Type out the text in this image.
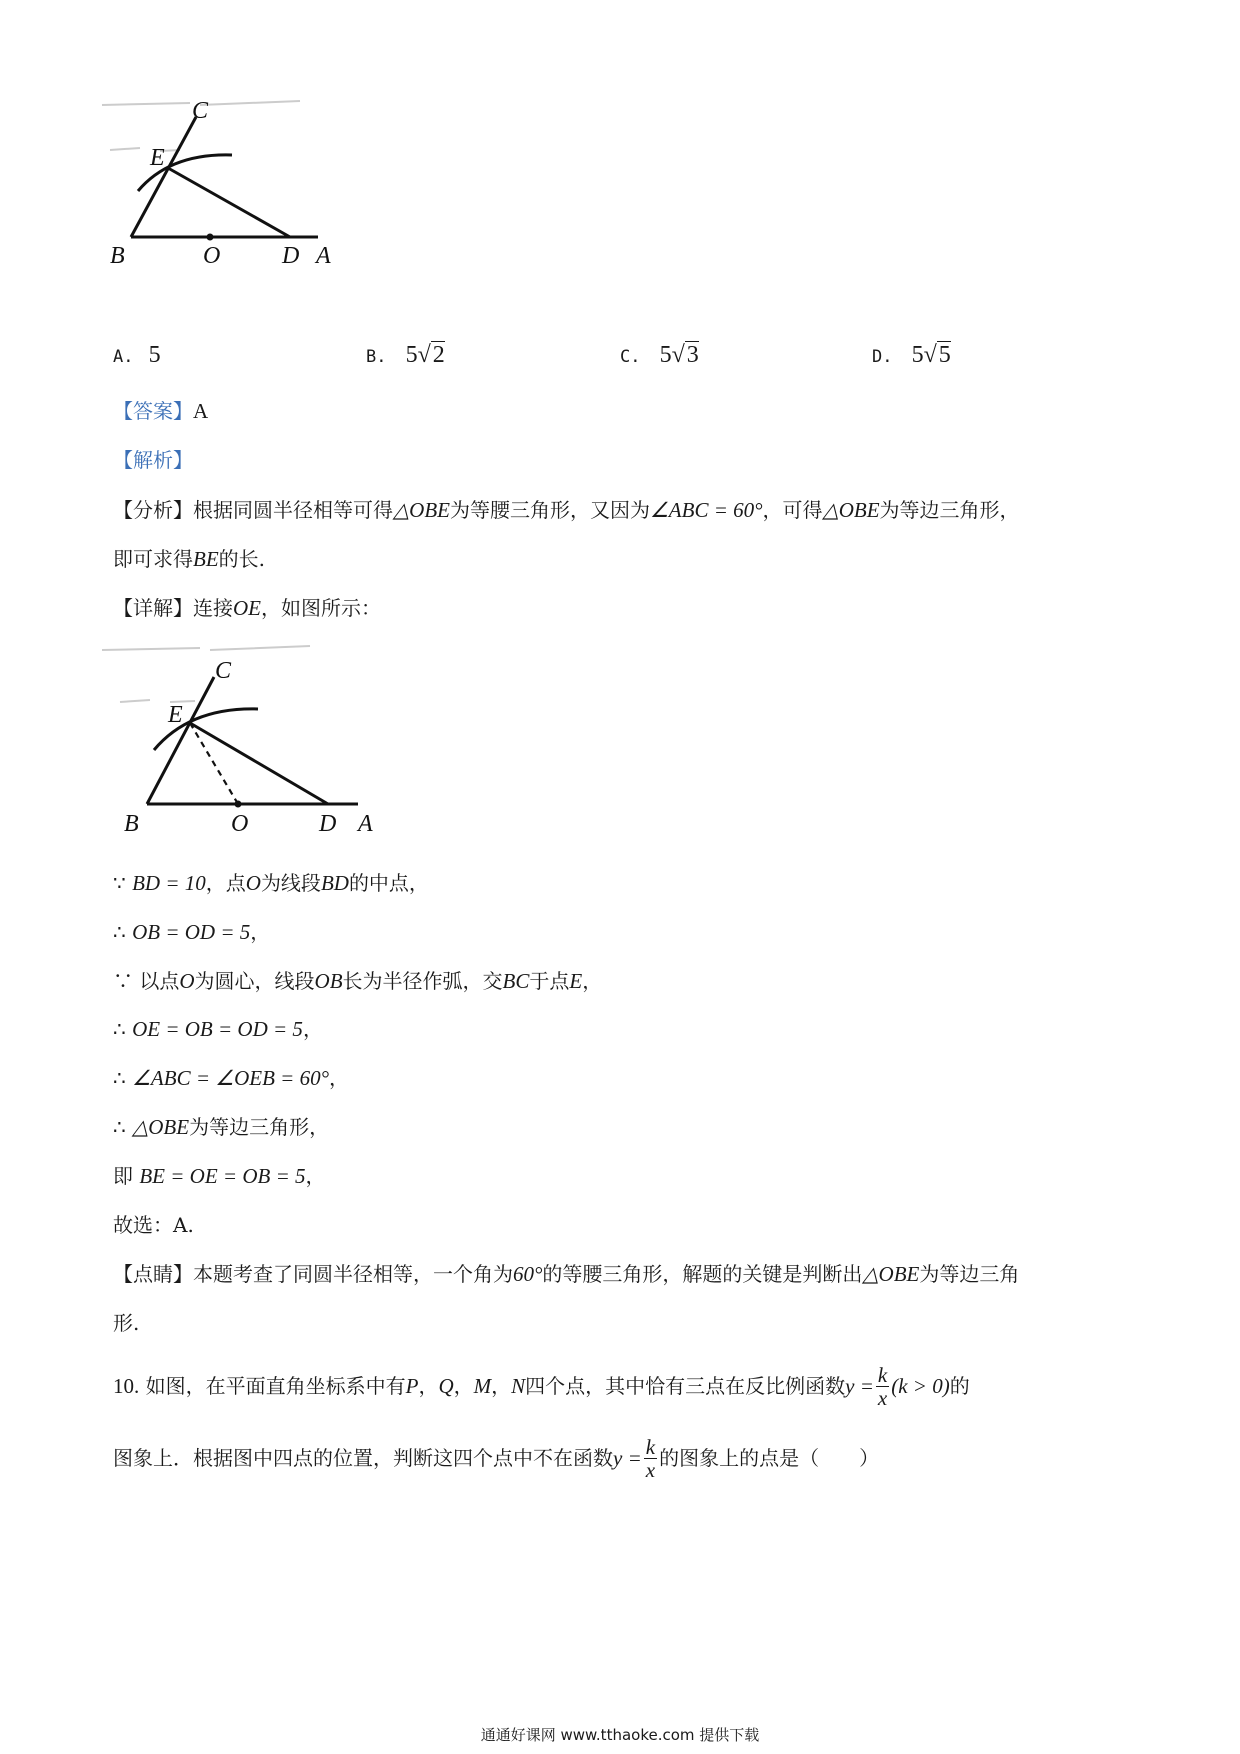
C
E
B	O	D A
A. 5	B. 5√2	C. 5√3	D. 5√5
【答案】A
【解析】
【分析】根据同圆半径相等可得△OBE为等腰三角形，又因为∠ABC = 60°，可得△OBE为等边三角形，
即可求得BE的长.
【详解】连接OE，如图所示：
C
E
B	O	D A
∵ BD = 10，点O为线段BD的中点，
∴ OB = OD = 5，
∵ 以点O为圆心，线段OB长为半径作弧，交BC于点E，
∴ OE = OB = OD = 5，
∴ ∠ABC = ∠OEB = 60°，
∴ △OBE为等边三角形，
即 BE = OE = OB = 5，
故选：A.
【点睛】本题考查了同圆半径相等，一个角为60°的等腰三角形，解题的关键是判断出△OBE为等边三角
形.
10.
如图，在平面直角坐标系中有 P ， Q ， M ， N 四个点，其中恰有三点在反比例函数 $y = \frac{k}{x} (k > 0)$ 的
图象上．根据图中四点的位置，判断这四个点中不在函数 $y = \frac{k}{x}$ 的图象上的点是（　　）
通通好课网 www.tthaoke.com 提供下载
